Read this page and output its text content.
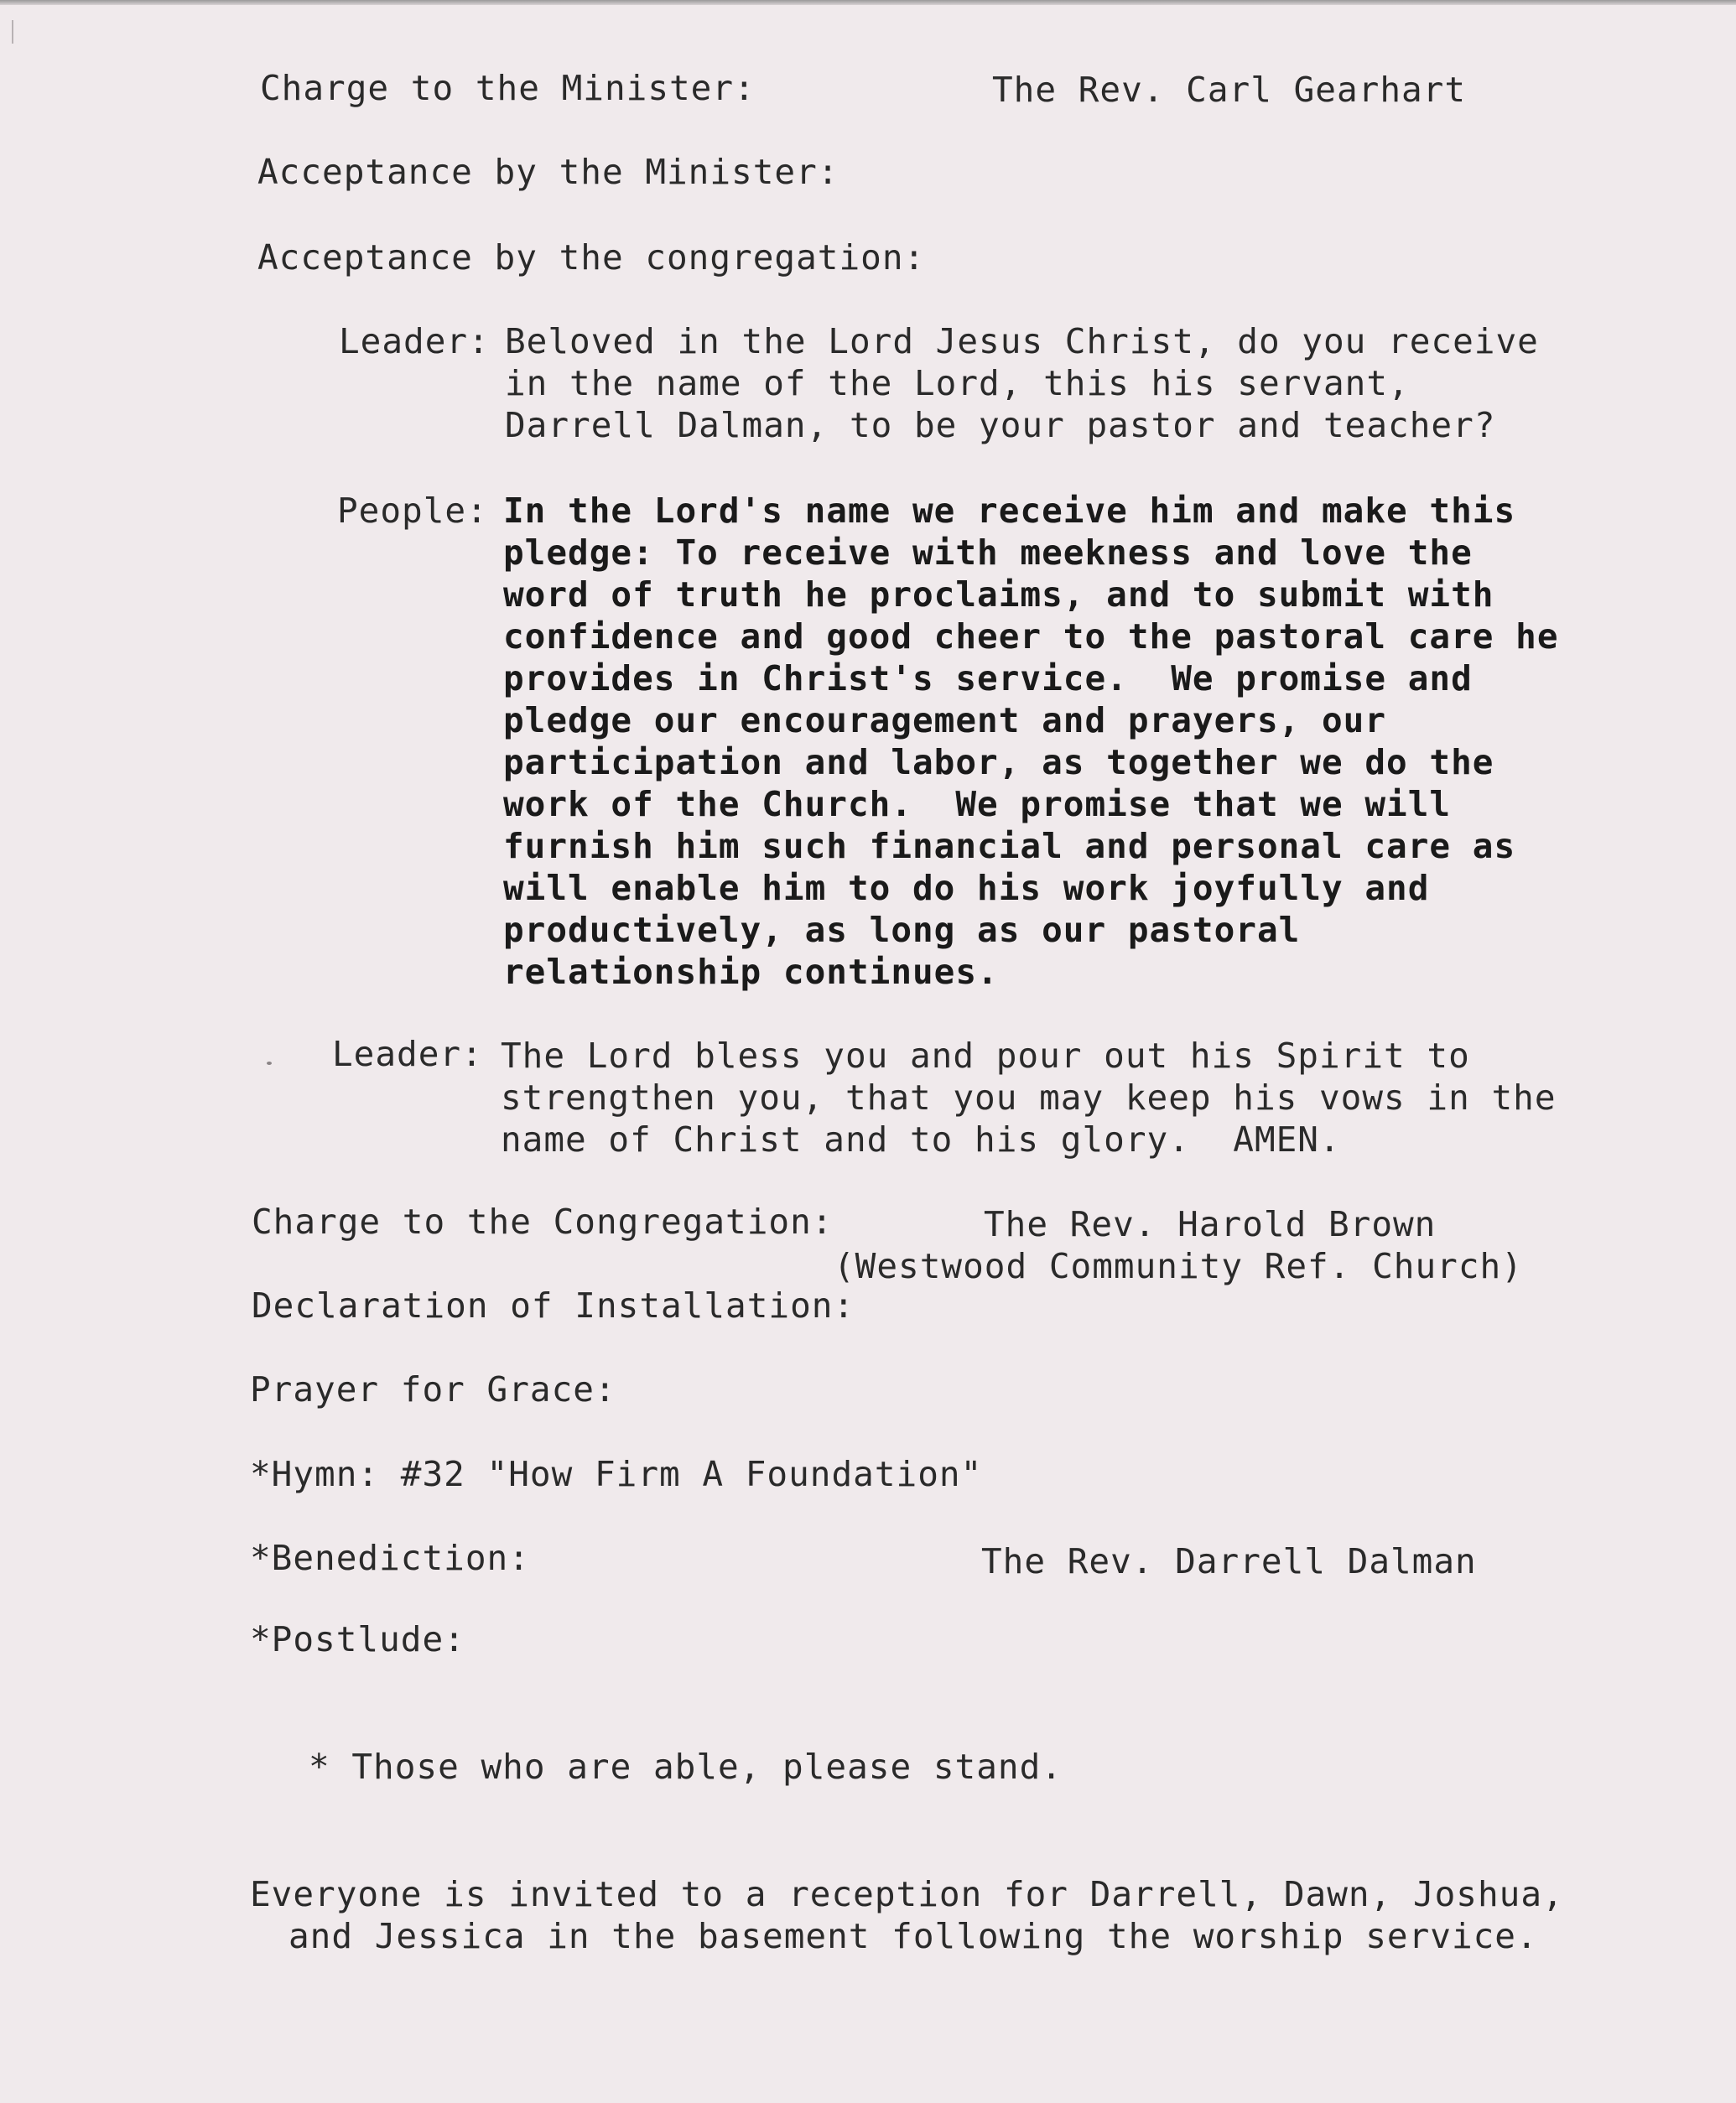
Charge to the Minister:	The Rev. Carl Gearhart
Acceptance by the Minister:
Acceptance by the congregation:
Leader: Beloved in the Lord Jesus Christ, do you receive
in the name of the Lord, this his servant,
Darrell Dalman, to be your pastor and teacher?
People: In the Lord's name we receive him and make this
pledge: To receive with meekness and love the
word of truth he proclaims, and to submit with
confidence and good cheer to the pastoral care he
provides in Christ's service.  We promise and
pledge our encouragement and prayers, our
participation and labor, as together we do the
work of the Church.  We promise that we will
furnish him such financial and personal care as
will enable him to do his work joyfully and
productively, as long as our pastoral
relationship continues.
Leader: The Lord bless you and pour out his Spirit to
strengthen you, that you may keep his vows in the
name of Christ and to his glory.  AMEN.
Charge to the Congregation:	The Rev. Harold Brown
(Westwood Community Ref. Church)
Declaration of Installation:
Prayer for Grace:
*Hymn: #32 "How Firm A Foundation"
*Benediction:	The Rev. Darrell Dalman
*Postlude:
* Those who are able, please stand.
Everyone is invited to a reception for Darrell, Dawn, Joshua,
and Jessica in the basement following the worship service.
